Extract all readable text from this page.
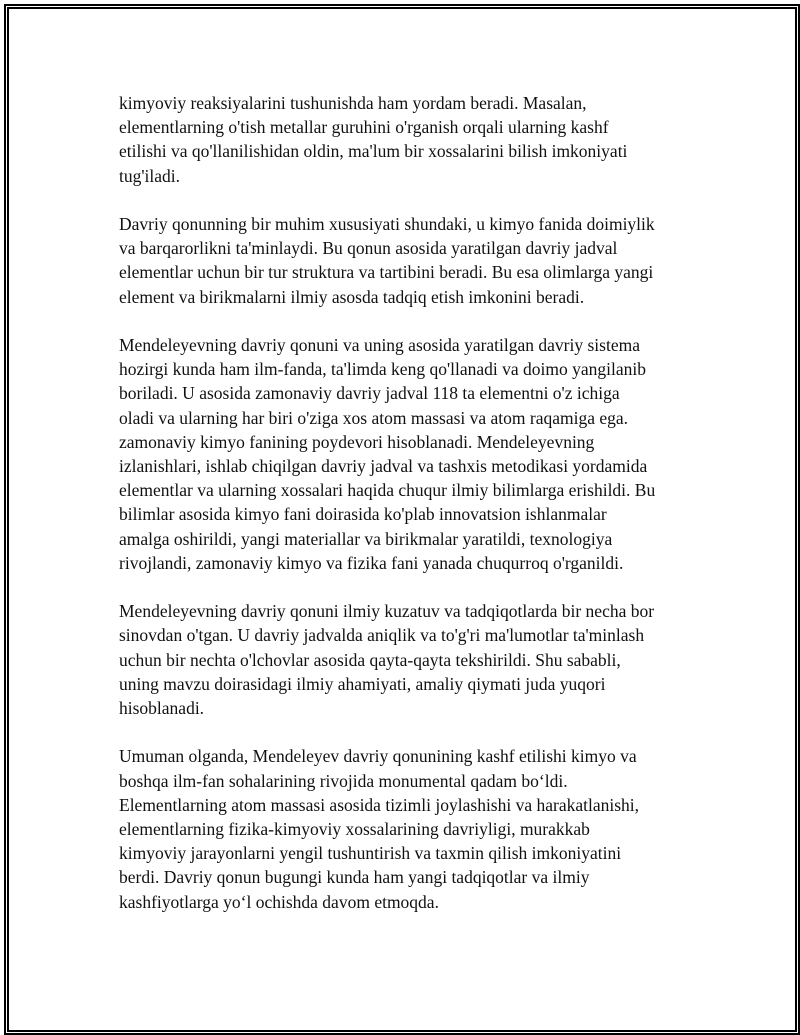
kimyoviy reaksiyalarini tushunishda ham yordam beradi. Masalan,
elementlarning o'tish metallar guruhini o'rganish orqali ularning kashf
etilishi va qo'llanilishidan oldin, ma'lum bir xossalarini bilish imkoniyati
tug'iladi.
Davriy qonunning bir muhim xususiyati shundaki, u kimyo fanida doimiylik
va barqarorlikni ta'minlaydi. Bu qonun asosida yaratilgan davriy jadval
elementlar uchun bir tur struktura va tartibini beradi. Bu esa olimlarga yangi
element va birikmalarni ilmiy asosda tadqiq etish imkonini beradi.
Mendeleyevning davriy qonuni va uning asosida yaratilgan davriy sistema
hozirgi kunda ham ilm-fanda, ta'limda keng qo'llanadi va doimo yangilanib
boriladi. U asosida zamonaviy davriy jadval 118 ta elementni o'z ichiga
oladi va ularning har biri o'ziga xos atom massasi va atom raqamiga ega.
zamonaviy kimyo fanining poydevori hisoblanadi. Mendeleyevning
izlanishlari, ishlab chiqilgan davriy jadval va tashxis metodikasi yordamida
elementlar va ularning xossalari haqida chuqur ilmiy bilimlarga erishildi. Bu
bilimlar asosida kimyo fani doirasida ko'plab innovatsion ishlanmalar
amalga oshirildi, yangi materiallar va birikmalar yaratildi, texnologiya
rivojlandi, zamonaviy kimyo va fizika fani yanada chuqurroq o'rganildi.
Mendeleyevning davriy qonuni ilmiy kuzatuv va tadqiqotlarda bir necha bor
sinovdan o'tgan. U davriy jadvalda aniqlik va to'g'ri ma'lumotlar ta'minlash
uchun bir nechta o'lchovlar asosida qayta-qayta tekshirildi. Shu sababli,
uning mavzu doirasidagi ilmiy ahamiyati, amaliy qiymati juda yuqori
hisoblanadi.
Umuman olganda, Mendeleyev davriy qonunining kashf etilishi kimyo va
boshqa ilm-fan sohalarining rivojida monumental qadam bo‘ldi.
Elementlarning atom massasi asosida tizimli joylashishi va harakatlanishi,
elementlarning fizika-kimyoviy xossalarining davriyligi, murakkab
kimyoviy jarayonlarni yengil tushuntirish va taxmin qilish imkoniyatini
berdi. Davriy qonun bugungi kunda ham yangi tadqiqotlar va ilmiy
kashfiyotlarga yo‘l ochishda davom etmoqda.
